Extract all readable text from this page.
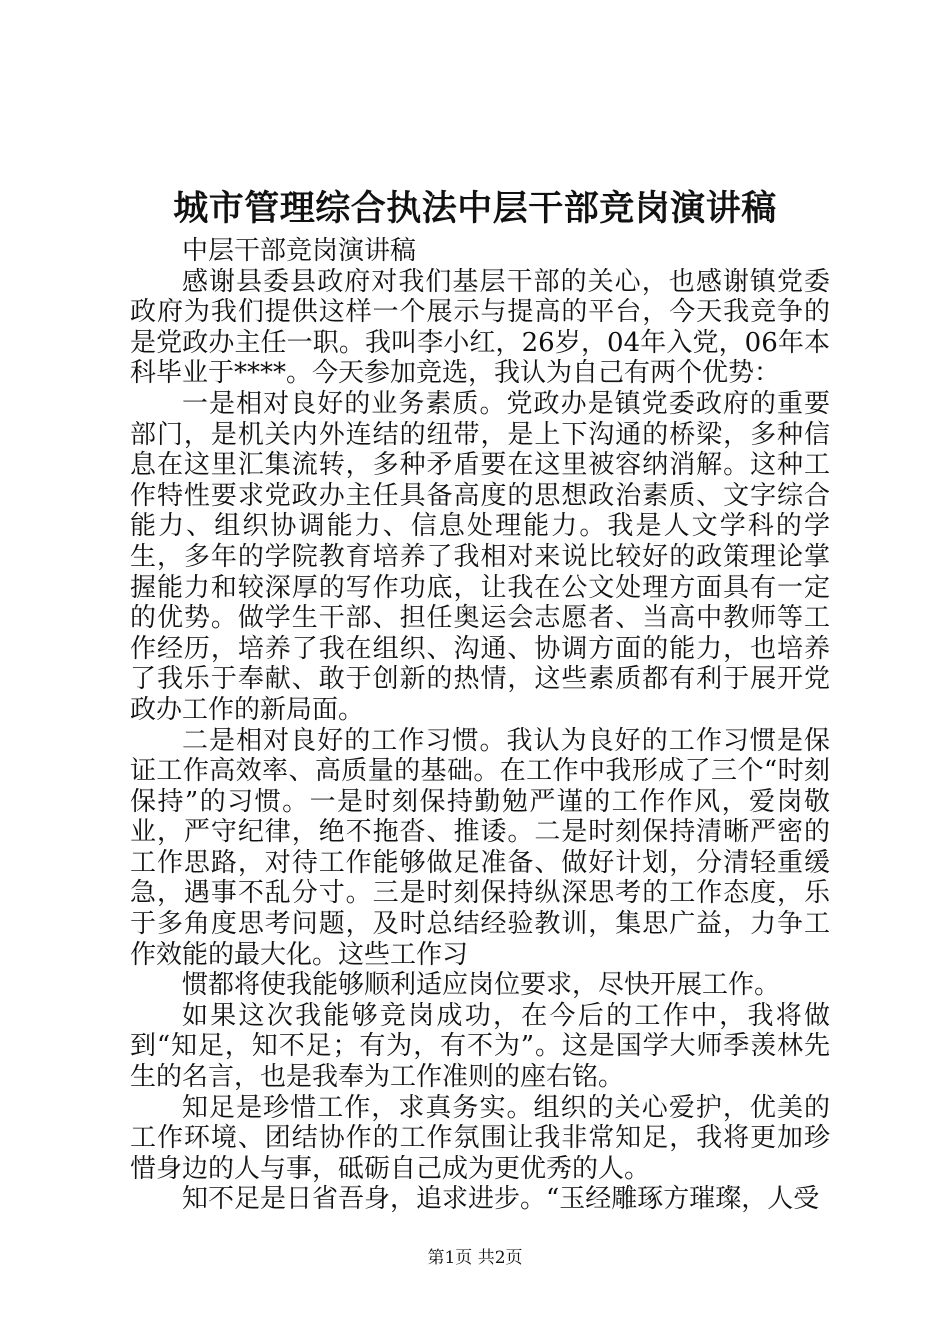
城市管理综合执法中层干部竞岗演讲稿

中层干部竞岗演讲稿

感谢县委县政府对我们基层干部的关心，也感谢镇党委政府为我们提供这样一个展示与提高的平台，今天我竞争的是党政办主任一职。我叫李小红，26岁，04年入党，06年本科毕业于****。今天参加竞选，我认为自己有两个优势：

一是相对良好的业务素质。党政办是镇党委政府的重要部门，是机关内外连结的纽带，是上下沟通的桥梁，多种信息在这里汇集流转，多种矛盾要在这里被容纳消解。这种工作特性要求党政办主任具备高度的思想政治素质、文字综合能力、组织协调能力、信息处理能力。我是人文学科的学生，多年的学院教育培养了我相对来说比较好的政策理论掌握能力和较深厚的写作功底，让我在公文处理方面具有一定的优势。做学生干部、担任奥运会志愿者、当高中教师等工作经历，培养了我在组织、沟通、协调方面的能力，也培养了我乐于奉献、敢于创新的热情，这些素质都有利于展开党政办工作的新局面。

二是相对良好的工作习惯。我认为良好的工作习惯是保证工作高效率、高质量的基础。在工作中我形成了三个“时刻保持”的习惯。一是时刻保持勤勉严谨的工作作风，爱岗敬业，严守纪律，绝不拖沓、推诿。二是时刻保持清晰严密的工作思路，对待工作能够做足准备、做好计划，分清轻重缓急，遇事不乱分寸。三是时刻保持纵深思考的工作态度，乐于多角度思考问题，及时总结经验教训，集思广益，力争工作效能的最大化。这些工作习

惯都将使我能够顺利适应岗位要求，尽快开展工作。

如果这次我能够竞岗成功，在今后的工作中，我将做到“知足，知不足；有为，有不为”。这是国学大师季羡林先生的名言，也是我奉为工作准则的座右铭。

知足是珍惜工作，求真务实。组织的关心爱护，优美的工作环境、团结协作的工作氛围让我非常知足，我将更加珍惜身边的人与事，砥砺自己成为更优秀的人。

知不足是日省吾身，追求进步。“玉经雕琢方璀璨，人受

第1页 共2页
